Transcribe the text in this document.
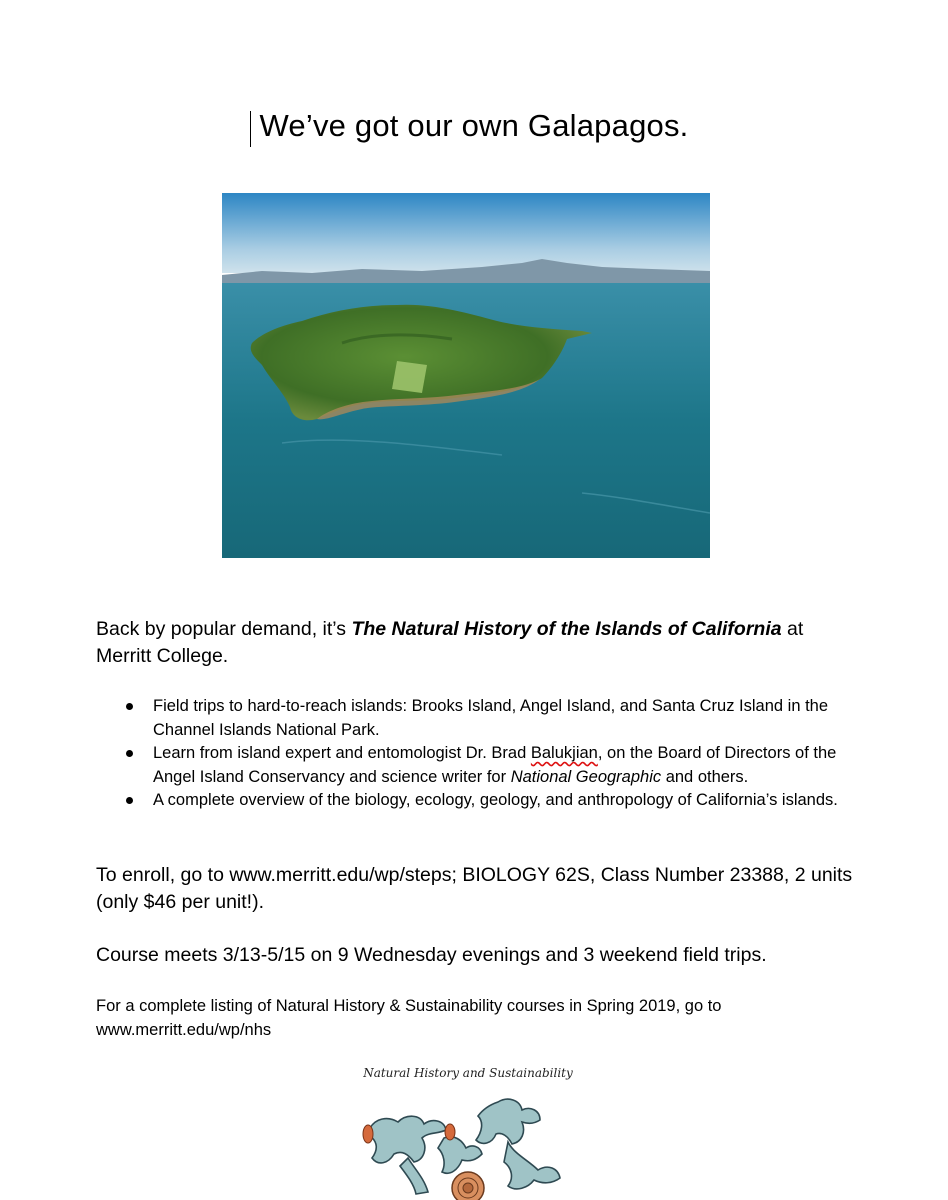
We’ve got our own Galapagos.
Back by popular demand, it’s The Natural History of the Islands of California at Merritt College.
Field trips to hard-to-reach islands: Brooks Island, Angel Island, and Santa Cruz Island in the Channel Islands National Park.
Learn from island expert and entomologist Dr. Brad Balukjian, on the Board of Directors of the Angel Island Conservancy and science writer for National Geographic and others.
A complete overview of the biology, ecology, geology, and anthropology of California’s islands.
To enroll, go to www.merritt.edu/wp/steps; BIOLOGY 62S, Class Number 23388, 2 units (only $46 per unit!).
Course meets 3/13-5/15 on 9 Wednesday evenings and 3 weekend field trips.
For a complete listing of Natural History & Sustainability courses in Spring 2019, go to www.merritt.edu/wp/nhs
Natural History and Sustainability
